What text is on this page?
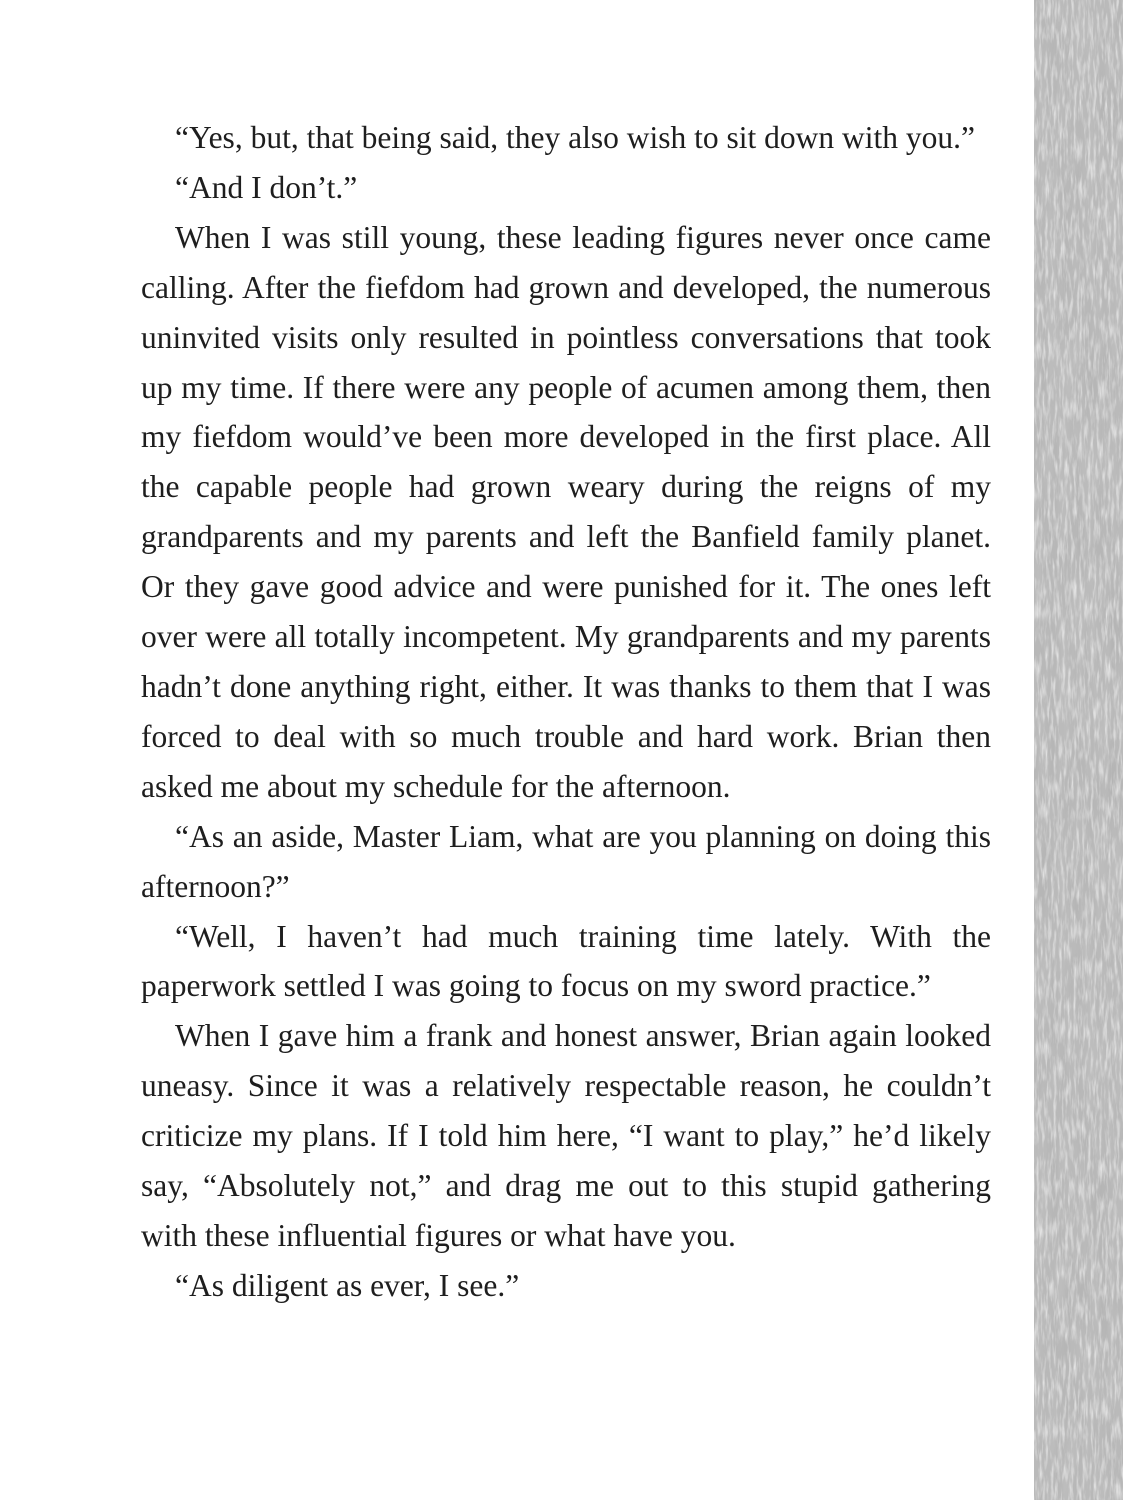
“Yes, but, that being said, they also wish to sit down with you.”

“And I don’t.”

When I was still young, these leading figures never once came calling. After the fiefdom had grown and developed, the numerous uninvited visits only resulted in pointless conversations that took up my time. If there were any people of acumen among them, then my fiefdom would’ve been more developed in the first place. All the capable people had grown weary during the reigns of my grandparents and my parents and left the Banfield family planet. Or they gave good advice and were punished for it. The ones left over were all totally incompetent. My grandparents and my parents hadn’t done anything right, either. It was thanks to them that I was forced to deal with so much trouble and hard work. Brian then asked me about my schedule for the afternoon.

“As an aside, Master Liam, what are you planning on doing this afternoon?”

“Well, I haven’t had much training time lately. With the paperwork settled I was going to focus on my sword practice.”

When I gave him a frank and honest answer, Brian again looked uneasy. Since it was a relatively respectable reason, he couldn’t criticize my plans. If I told him here, “I want to play,” he’d likely say, “Absolutely not,” and drag me out to this stupid gathering with these influential figures or what have you.

“As diligent as ever, I see.”
